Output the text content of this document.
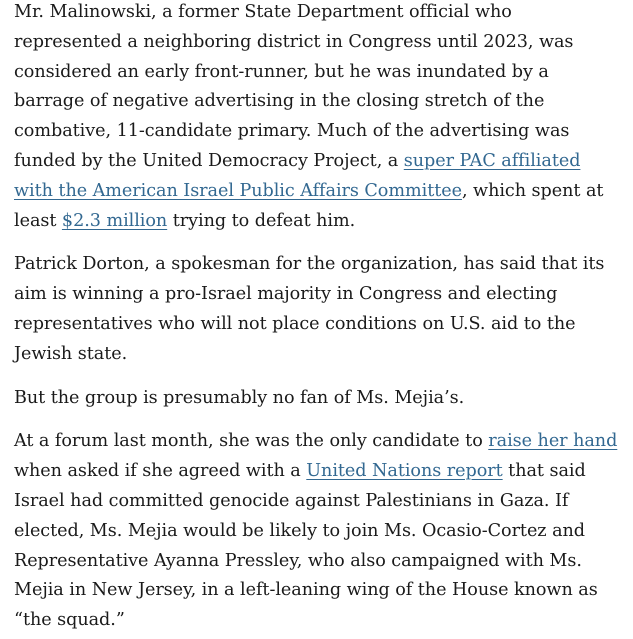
Mr. Malinowski, a former State Department official who represented a neighboring district in Congress until 2023, was considered an early front-runner, but he was inundated by a barrage of negative advertising in the closing stretch of the combative, 11-candidate primary. Much of the advertising was funded by the United Democracy Project, a super PAC affiliated with the American Israel Public Affairs Committee, which spent at least $2.3 million trying to defeat him.

Patrick Dorton, a spokesman for the organization, has said that its aim is winning a pro-Israel majority in Congress and electing representatives who will not place conditions on U.S. aid to the Jewish state.

But the group is presumably no fan of Ms. Mejia’s.

At a forum last month, she was the only candidate to raise her hand when asked if she agreed with a United Nations report that said Israel had committed genocide against Palestinians in Gaza. If elected, Ms. Mejia would be likely to join Ms. Ocasio-Cortez and Representative Ayanna Pressley, who also campaigned with Ms. Mejia in New Jersey, in a left-leaning wing of the House known as “the squad.”
